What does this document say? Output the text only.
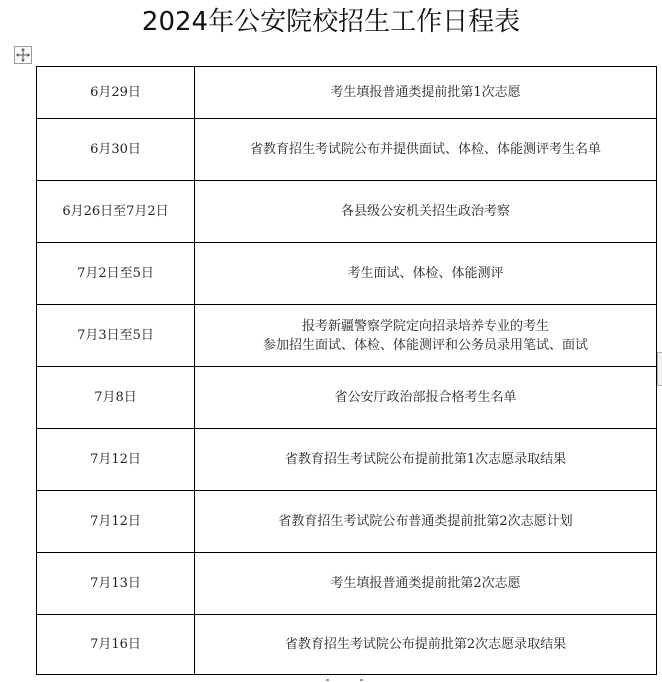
2024年公安院校招生工作日程表
6月29日	考生填报普通类提前批第1次志愿

6月30日	省教育招生考试院公布并提供面试、体检、体能测评考生名单

6月26日至7月2日	各县级公安机关招生政治考察

7月2日至5日	考生面试、体检、体能测评

7月3日至5日	报考新疆警察学院定向招录培养专业的考生
参加招生面试、体检、体能测评和公务员录用笔试、面试

7月8日	省公安厅政治部报合格考生名单

7月12日	省教育招生考试院公布提前批第1次志愿录取结果

7月12日	省教育招生考试院公布普通类提前批第2次志愿计划

7月13日	考生填报普通类提前批第2次志愿

7月16日	省教育招生考试院公布提前批第2次志愿录取结果
